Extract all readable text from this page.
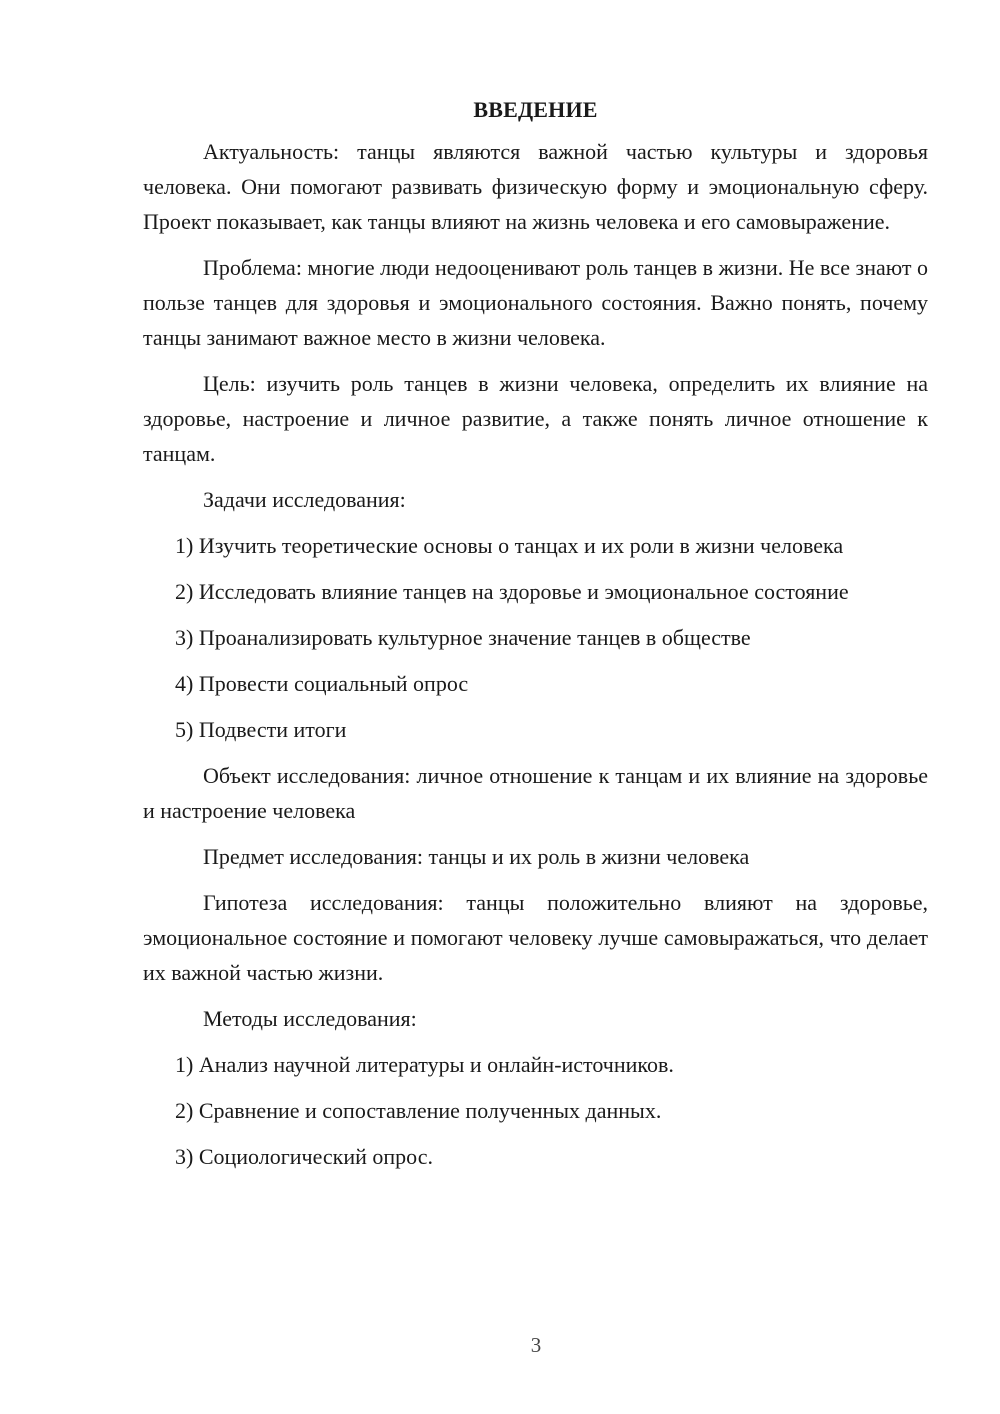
ВВЕДЕНИЕ

Актуальность: танцы являются важной частью культуры и здоровья человека. Они помогают развивать физическую форму и эмоциональную сферу. Проект показывает, как танцы влияют на жизнь человека и его самовыражение.

Проблема: многие люди недооценивают роль танцев в жизни. Не все знают о пользе танцев для здоровья и эмоционального состояния. Важно понять, почему танцы занимают важное место в жизни человека.

Цель: изучить роль танцев в жизни человека, определить их влияние на здоровье, настроение и личное развитие, а также понять личное отношение к танцам.

Задачи исследования:

1) Изучить теоретические основы о танцах и их роли в жизни человека

2) Исследовать влияние танцев на здоровье и эмоциональное состояние

3) Проанализировать культурное значение танцев в обществе

4) Провести социальный опрос

5) Подвести итоги

Объект исследования: личное отношение к танцам и их влияние на здоровье и настроение человека

Предмет исследования: танцы и их роль в жизни человека

Гипотеза исследования: танцы положительно влияют на здоровье, эмоциональное состояние и помогают человеку лучше самовыражаться, что делает их важной частью жизни.

Методы исследования:

1) Анализ научной литературы и онлайн-источников.

2) Сравнение и сопоставление полученных данных.

3) Социологический опрос.

3
